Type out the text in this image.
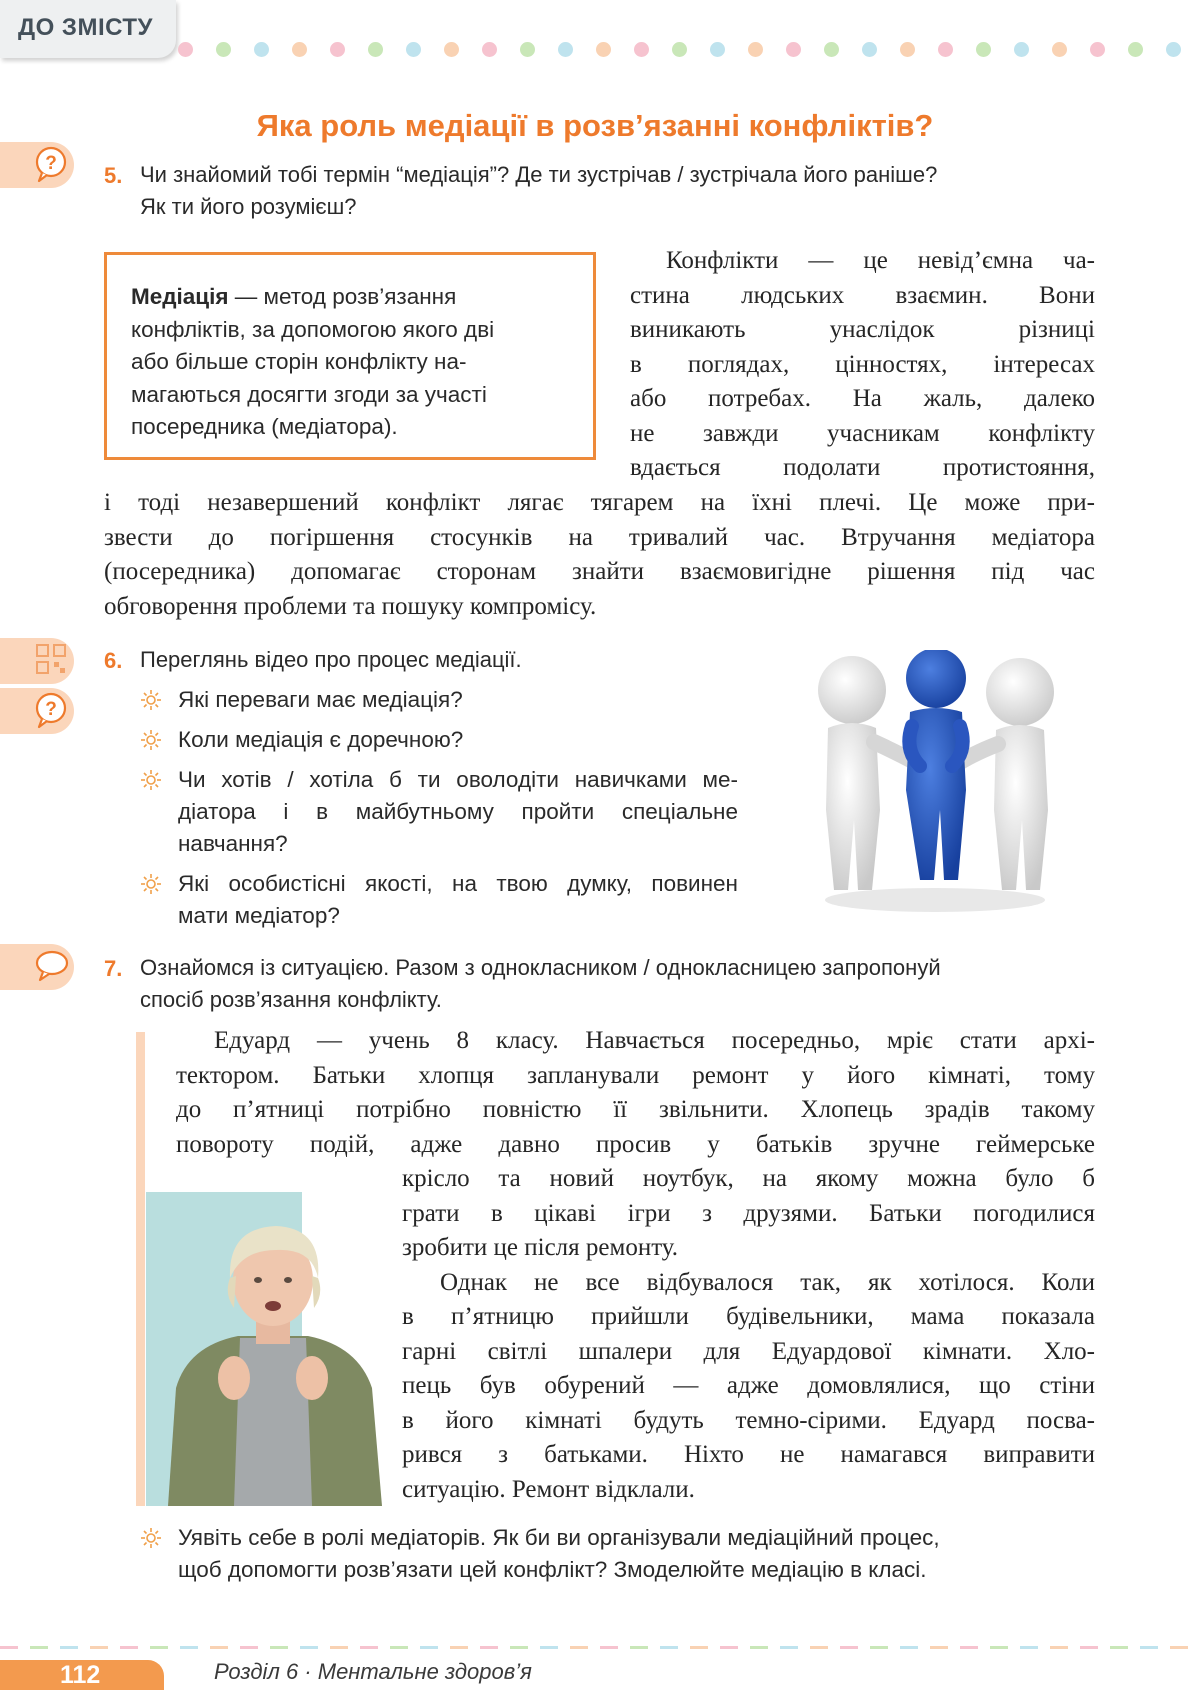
ДО ЗМІСТУ
Яка роль медіації в розв’язанні конфліктів?
? 5. Чи знайомий тобі термін “медіація”? Де ти зустрічав / зустрічала його раніше?
Як ти його розумієш?

Медіація — метод розв’язання
конфліктів, за допомогою якого дві
або більше сторін конфлікту на-
магаються досягти згоди за участі
посередника (медіатора).

Конфлікти — це невід’ємна ча-
стина людських взаємин. Вони
виникають унаслідок різниці
в поглядах, цінностях, інтересах
або потребах. На жаль, далеко
не завжди учасникам конфлікту
вдається подолати протистояння,
і тоді незавершений конфлікт лягає тягарем на їхні плечі. Це може при-
звести до погіршення стосунків на тривалий час. Втручання медіатора
(посередника) допомагає сторонам знайти взаємовигідне рішення під час
обговорення проблеми та пошуку компромісу.
?
6. Переглянь відео про процес медіації.
Які переваги має медіація?
Коли медіація є доречною?
Чи хотів / хотіла б ти оволодіти навичками ме-
діатора і в майбутньому пройти спеціальне
навчання?
Які особистісні якості, на твою думку, повинен
мати медіатор?
7. Ознайомся із ситуацією. Разом з однокласником / однокласницею запропонуй
спосіб розв’язання конфлікту.
Едуард — учень 8 класу. Навчається посередньо, мріє стати архі-
тектором. Батьки хлопця запланували ремонт у його кімнаті, тому
до п’ятниці потрібно повністю її звільнити. Хлопець зрадів такому
повороту подій, адже давно просив у батьків зручне геймерське
крісло та новий ноутбук, на якому можна було б
грати в цікаві ігри з друзями. Батьки погодилися
зробити це після ремонту.
Однак не все відбувалося так, як хотілося. Коли
в п’ятницю прийшли будівельники, мама показала
гарні світлі шпалери для Едуардової кімнати. Хло-
пець був обурений — адже домовлялися, що стіни
в його кімнаті будуть темно-сірими. Едуард посва-
рився з батьками. Ніхто не намагався виправити
ситуацію. Ремонт відклали.
Уявіть себе в ролі медіаторів. Як би ви організували медіаційний процес,
щоб допомогти розв’язати цей конфлікт? Змоделюйте медіацію в класі.
112	Розділ 6 · Ментальне здоров’я
